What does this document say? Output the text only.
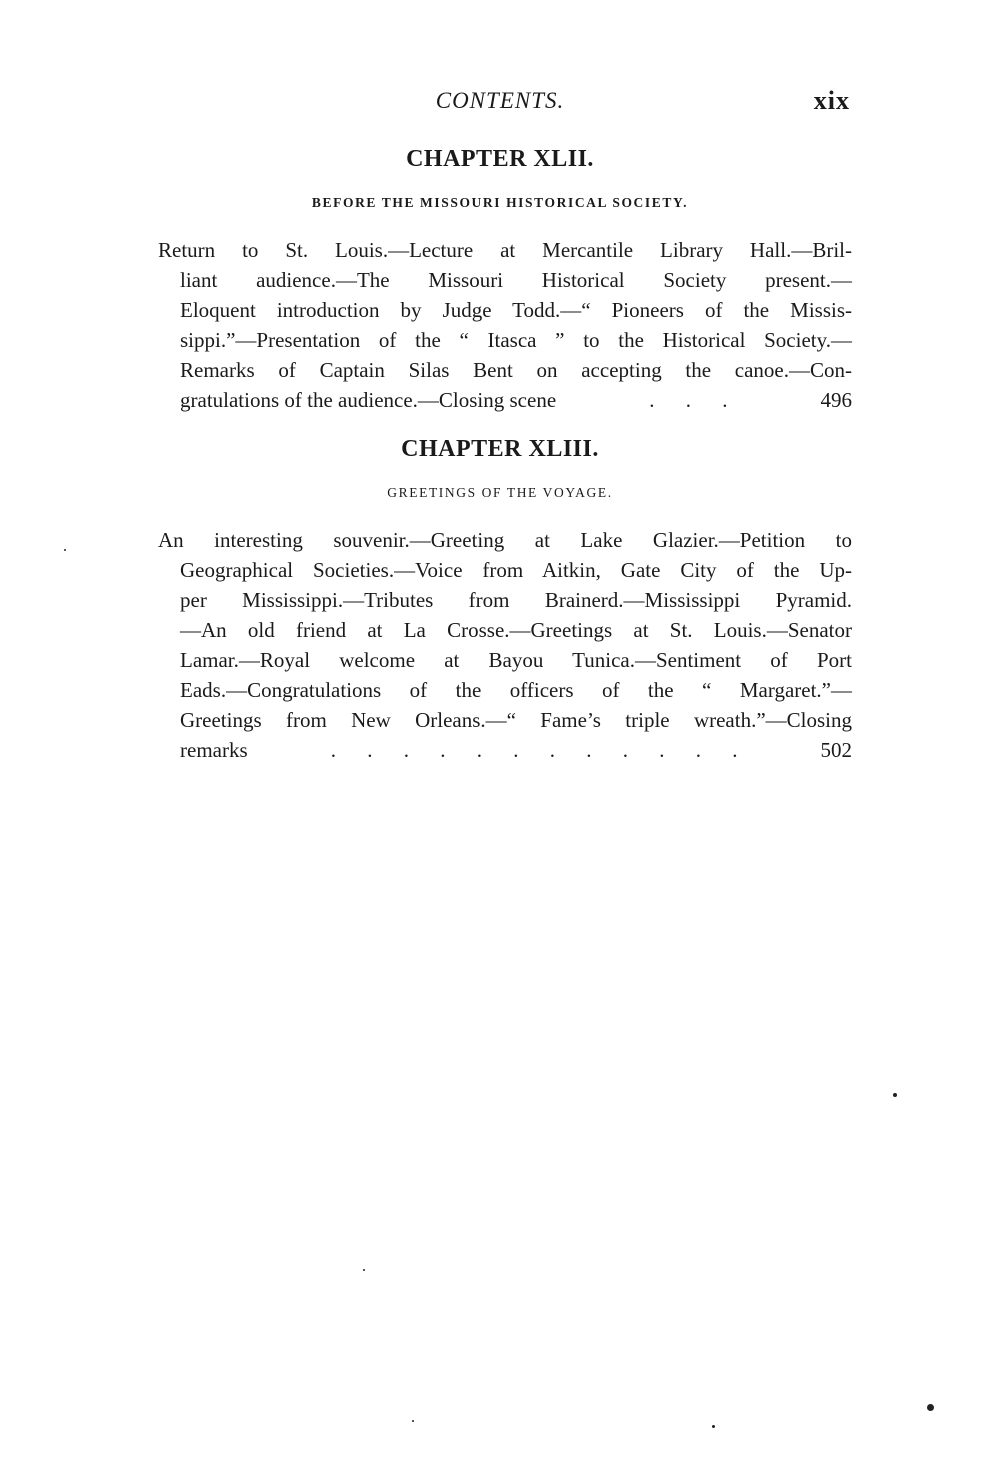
CONTENTS.	xix
CHAPTER XLII.
BEFORE THE MISSOURI HISTORICAL SOCIETY.
Return to St. Louis.—Lecture at Mercantile Library Hall.—Bril-
liant audience.—The Missouri Historical Society present.—
Eloquent introduction by Judge Todd.—“ Pioneers of the Missis-
sippi.”—Presentation of the “ Itasca ” to the Historical Society.—
Remarks of Captain Silas Bent on accepting the canoe.—Con-
gratulations of the audience.—Closing scene	. . .	496
CHAPTER XLIII.
GREETINGS OF THE VOYAGE.
An interesting souvenir.—Greeting at Lake Glazier.—Petition to
Geographical Societies.—Voice from Aitkin, Gate City of the Up-
per Mississippi.—Tributes from Brainerd.—Mississippi Pyramid.
—An old friend at La Crosse.—Greetings at St. Louis.—Senator
Lamar.—Royal welcome at Bayou Tunica.—Sentiment of Port
Eads.—Congratulations of the officers of the “ Margaret.”—
Greetings from New Orleans.—“ Fame’s triple wreath.”—Closing
remarks	. . . . . . . . . . . .	502
